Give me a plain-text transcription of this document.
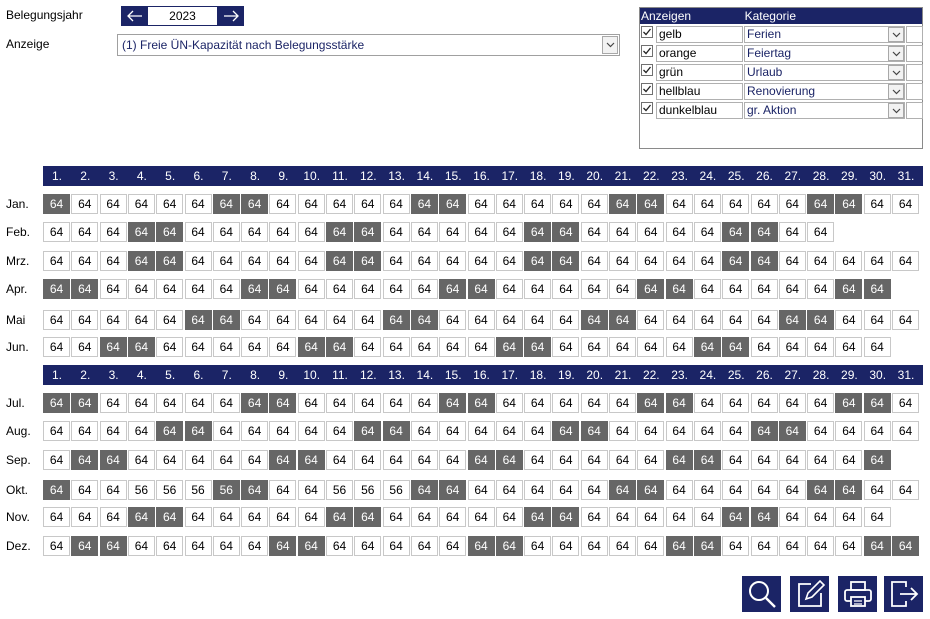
Belegungsjahr	2023
Anzeige	(1) Freie ÜN-Kapazität nach Belegungsstärke
Anzeigen	Kategorie
gelb	Ferien
orange	Feiertag
grün	Urlaub
hellblau	Renovierung
dunkelblau	gr. Aktion
1.	2.	3.	4.	5.	6.	7.	8.	9.	10.	11.	12. 13. 14. 15. 16. 17. 18. 19. 20. 21. 22. 23. 24. 25. 26. 27. 28. 29. 30. 31.
1.	2.	3.	4.	5.	6.	7.	8.	9.	10.	11.	12. 13. 14. 15. 16. 17. 18. 19. 20. 21. 22. 23. 24. 25. 26. 27. 28. 29. 30. 31.
Jan.	64	64	64	64	64	64	64	64	64	64	64	64	64	64	64	64	64	64	64	64	64	64	64	64	64	64	64	64	64	64	64
Feb.	64	64	64	64	64	64	64	64	64	64	64	64	64	64	64	64	64	64	64	64	64	64	64	64	64	64	64	64
Mrz.	64	64	64	64	64	64	64	64	64	64	64	64	64	64	64	64	64	64	64	64	64	64	64	64	64	64	64	64	64	64	64
Apr.	64	64	64	64	64	64	64	64	64	64	64	64	64	64	64	64	64	64	64	64	64	64	64	64	64	64	64	64	64	64
Mai	64	64	64	64	64	64	64	64	64	64	64	64	64	64	64	64	64	64	64	64	64	64	64	64	64	64	64	64	64	64	64
Jun.	64	64	64	64	64	64	64	64	64	64	64	64	64	64	64	64	64	64	64	64	64	64	64	64	64	64	64	64	64	64
Jul.	64	64	64	64	64	64	64	64	64	64	64	64	64	64	64	64	64	64	64	64	64	64	64	64	64	64	64	64	64	64	64
Aug.	64	64	64	64	64	64	64	64	64	64	64	64	64	64	64	64	64	64	64	64	64	64	64	64	64	64	64	64	64	64	64
Sep.	64	64	64	64	64	64	64	64	64	64	64	64	64	64	64	64	64	64	64	64	64	64	64	64	64	64	64	64	64	64
Okt.	64	64	64	56	56	56	56	64	64	64	56	56	56	64	64	64	64	64	64	64	64	64	64	64	64	64	64	64	64	64	64
Nov.	64	64	64	64	64	64	64	64	64	64	64	64	64	64	64	64	64	64	64	64	64	64	64	64	64	64	64	64	64	64
Dez.	64	64	64	64	64	64	64	64	64	64	64	64	64	64	64	64	64	64	64	64	64	64	64	64	64	64	64	64	64	64	64
